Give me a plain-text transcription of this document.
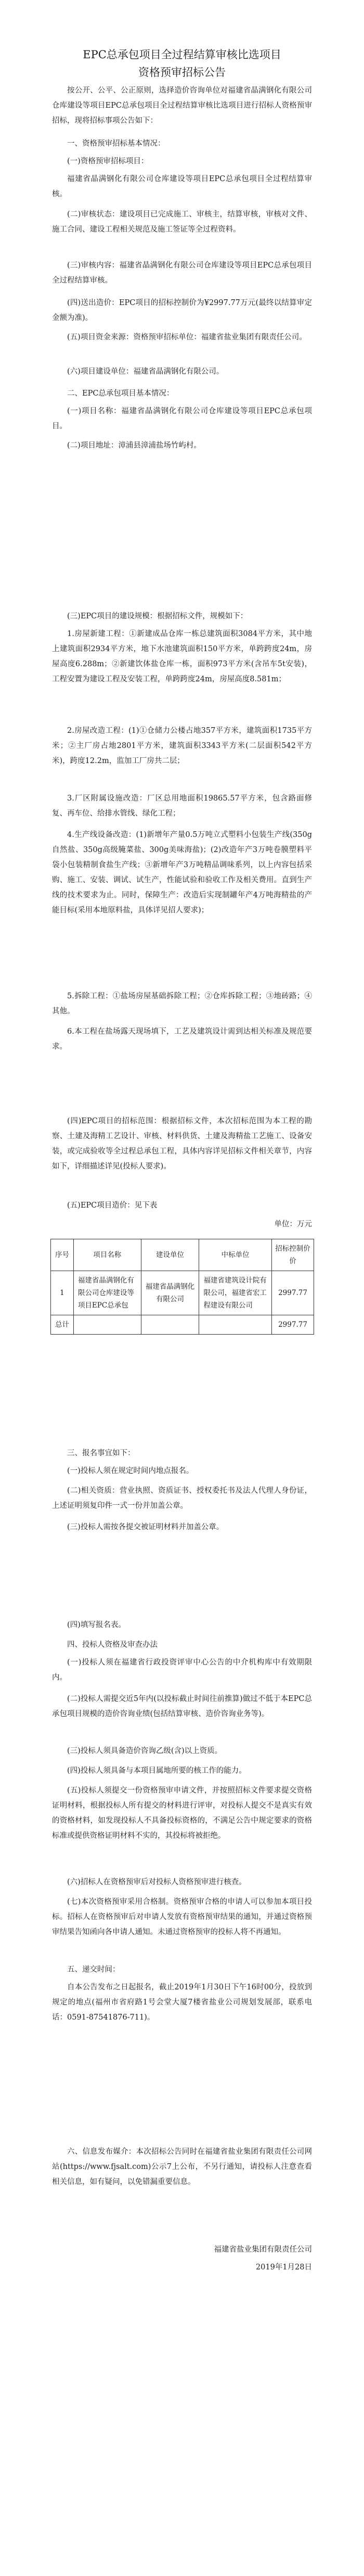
EPC总承包项目全过程结算审核比选项目资格预审招标公告

按公开、公平、公正原则，选择造价咨询单位对福建省晶满钢化有限公司仓库建设等项目EPC总承包项目全过程结算审核比选项目进行招标人资格预审招标，现将招标事项公告如下：

一、资格预审招标基本情况：

(一)资格预审招标项目：

福建省晶满钢化有限公司仓库建设等项目EPC总承包项目全过程结算审核。

(二)审核状态：建设项目已完成施工、审核主，结算审核，审核对文件、施工合同、建设工程相关规范及施工签证等全过程资料。

(三)审核内容：福建省晶满钢化有限公司仓库建设等项目EPC总承包项目全过程结算审核。

(四)送出造价：EPC项目的招标控制价为¥2997.77万元(最终以结算审定金额为准)。

(五)项目资金来源：资格预审招标单位：福建省盐业集团有限责任公司。

(六)项目建设单位：福建省晶满钢化有限公司。

二、EPC总承包项目基本情况：

(一)项目名称：福建省晶满钢化有限公司仓库建设等项目EPC总承包项目。

(二)项目地址：漳浦县漳浦盐场竹屿村。

(三)EPC项目的建设规模：根据招标文件，规模如下：

1.房屋新建工程：①新建成品仓库一栋总建筑面积3084平方米，其中地上建筑面积2934平方米，地下水池建筑面积150平方米，单跨跨度24m，房屋高度6.288m；②新建饮体盐仓库一栋，面积973平方米(含吊车5t安装)，工程安置为建设工程及安装工程，单跨跨度24m，房屋高度8.581m；

2.房屋改造工程：(1)①仓储力公楼占地357平方米，建筑面积1735平方米；②主厂房占地2801平方米，建筑面积3343平方米(二层面积542平方米)，跨度12.2m，监加工厂房共二层；

3.厂区附属设施改造：厂区总用地面积19865.57平方米，包含路面修复、再车位、给排水管线、绿化工程；

4.生产线设备改造：(1)新增年产量0.5万吨立式塑料小包装生产线(350g自然盐、350g高级腌菜盐、300g美味海盐)；(2)改造年产3万吨卷膜塑料平袋小包装精制食盐生产线；③新增年产3万吨精品调味系列，以上内容包括采购、施工、安装、调试、试生产，性能试验和验收工作及相关费用。直到生产线的技术要求为止。同时，保障生产：改造后实现制罐年产4万吨海精盐的产能目标(采用本地原料盐，具体详见招人要求)；

5.拆除工程：①盐场房屋基础拆除工程；②仓库拆除工程；③地砖路；④其他。

6.本工程在盐场露天现场填下，工艺及建筑设计需到达相关标准及规范要求。

(四)EPC项目的招标范围：根据招标文件，本次招标范围为本工程的勘察、土建及海精工艺设计、审核、材料供货、土建及海精盐工艺施工、设备安装，或完成验收等全过程总承包工程，具体内容详见招标文件相关章节，内容如下，详细描述详见(投标人要求)。

(五)EPC项目造价：见下表

单位：万元
序号	项目名称	建设单位	中标单位	招标控制价价
1	福建省晶满钢化有限公司仓库建设等项目EPC总承包	福建省晶满钢化有限公司	福建省建筑设计院有限公司，福建省宏工程建设有限公司	2997.77
总计				2997.77

三、报名事宜如下：

(一)投标人须在规定时间内地点报名。

(二)相关资质：营业执照、资质证书、授权委托书及法人代理人身份证，上述证明须复印件一式一份并加盖公章。

(三)投标人需按各提交被证明材料并加盖公章。

(四)填写报名表。

四、投标人资格及审查办法

(一)投标人须在福建省行政投资评审中心公告的中介机构库中有效期限内。

(二)投标人需提交近5年内(以投标截止时间往前推算)做过不低于本EPC总承包项目规模的造价咨询业绩(包括结算审核、造价咨询业务等)。

(三)投标人须具备造价咨询乙级(含)以上资质。

(四)投标人须具备与本项目属地所要的核工作的能力。

(五)投标人须提交一份资格预审申请文件，并按照招标文件要求提交资格证明材料，根据投标人所有提交的材料进行评审，对投标人提交不是真实有效的资格材料，如发现投标人不具备投标资格的，不满足公告中规定要求的资格标准或提供资格证明材料不实的，其投标将被拒绝。

(六)招标人在资格预审后对投标人资格预审进行核查。

(七)本次资格预审采用合格制。资格预审合格的申请人可以参加本项目投标。招标人在资格预审后对申请人发放有资格预审结果的通知，并通过资格预审结果告知函向各申请人通知。未通过资格预审的投标人将不再通知。

五、递交时间：

自本公告发布之日起报名，截止2019年1月30日下午16时00分，投放到规定的地点(福州市省府路1号会堂大厦7楼省盐业公司规划发展部，联系电话：0591-87541876-711)。

六、信息发布媒介：本次招标公告同时在福建省盐业集团有限责任公司网站(https://www.fjsalt.com)公示7上公布，不另行通知，请投标人注意查看相关信息，如有疑问，以免错漏重要信息。

福建省盐业集团有限责任公司

2019年1月28日
